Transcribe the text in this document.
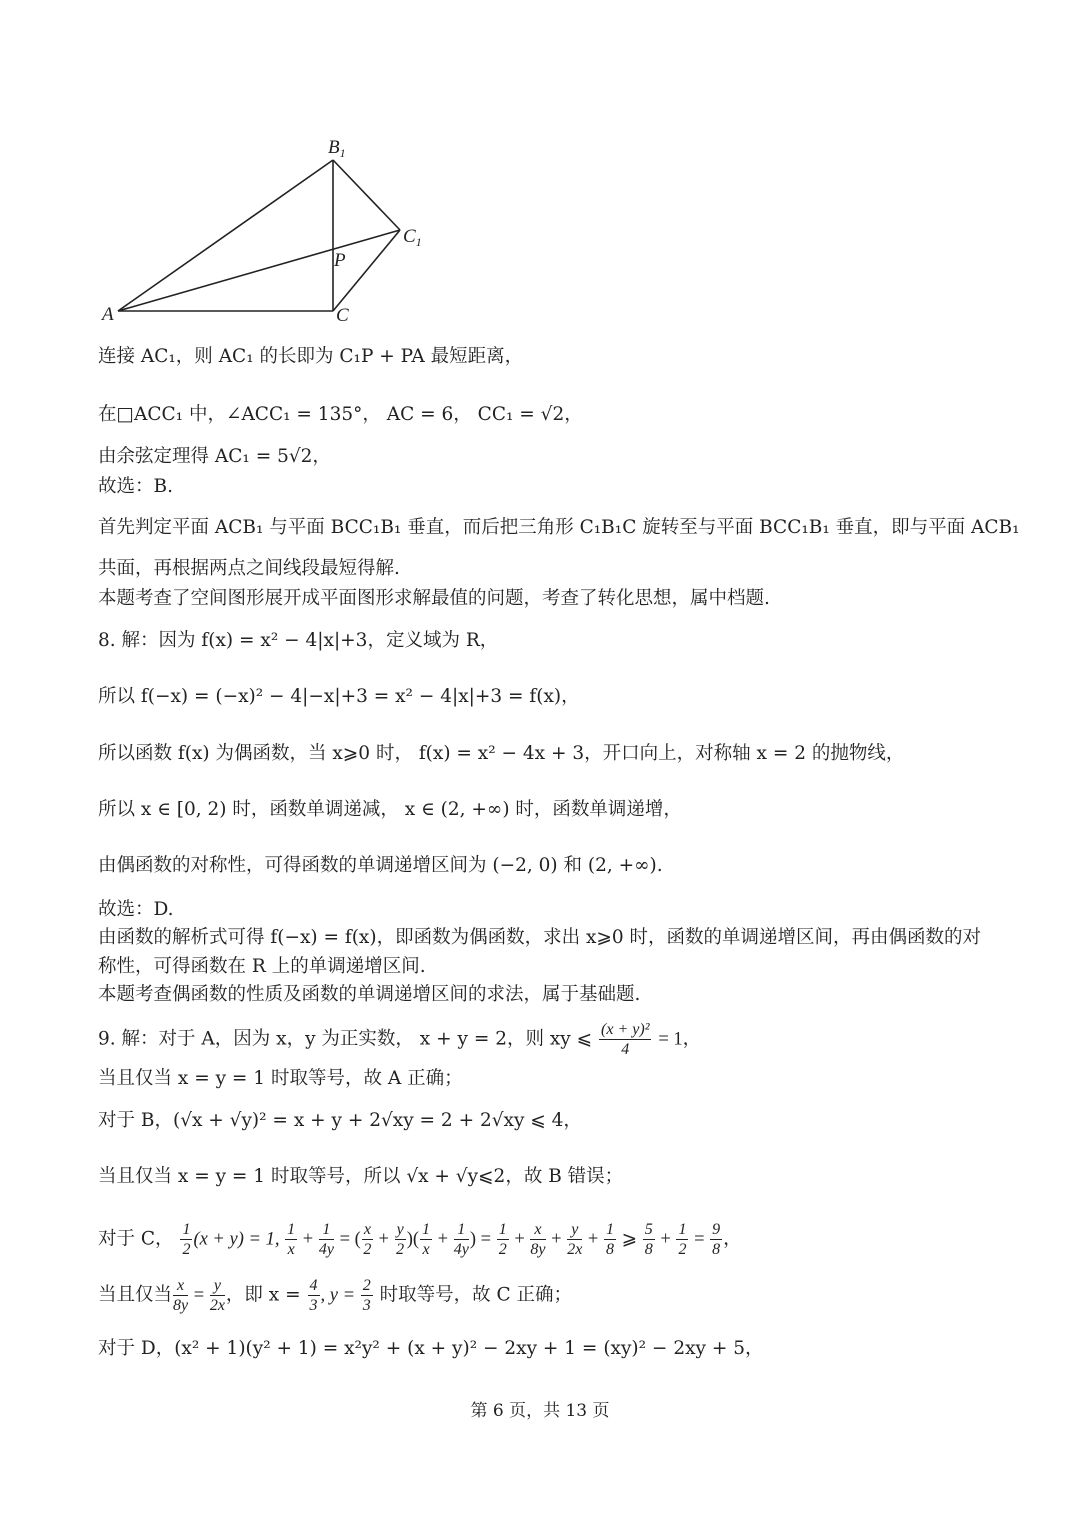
$B_1$
$C_1$
P
A	C
连接 AC₁，则 AC₁ 的长即为 C₁P + PA 最短距离，
在□ACC₁ 中，∠ACC₁ = 135°， AC = 6， CC₁ = √2，
由余弦定理得 AC₁ = 5√2，
故选：B.
首先判定平面 ACB₁ 与平面 BCC₁B₁ 垂直，而后把三角形 C₁B₁C 旋转至与平面 BCC₁B₁ 垂直，即与平面 ACB₁
共面，再根据两点之间线段最短得解.
本题考查了空间图形展开成平面图形求解最值的问题，考查了转化思想，属中档题.
8. 解：因为 f(x) = x² − 4|x|+3，定义域为 R，
所以 f(−x) = (−x)² − 4|−x|+3 = x² − 4|x|+3 = f(x)，
所以函数 f(x) 为偶函数，当 x⩾0 时， f(x) = x² − 4x + 3，开口向上，对称轴 x = 2 的抛物线，
所以 x ∈ [0, 2) 时，函数单调递减， x ∈ (2, +∞) 时，函数单调递增，
由偶函数的对称性，可得函数的单调递增区间为 (−2, 0) 和 (2, +∞).
故选：D.
由函数的解析式可得 f(−x) = f(x)，即函数为偶函数，求出 x⩾0 时，函数的单调递增区间，再由偶函数的对
称性，可得函数在 R 上的单调递增区间.
本题考查偶函数的性质及函数的单调递增区间的求法，属于基础题.
9. 解：对于 A，因为 x，y 为正实数， x + y = 2，则 xy ⩽ $\frac{\text{(x + y)²}}{4} = 1$，
当且仅当 x = y = 1 时取等号，故 A 正确；
对于 B，(√x + √y)² = x + y + 2√xy = 2 + 2√xy ⩽ 4，
当且仅当 x = y = 1 时取等号，所以 √x + √y⩽2，故 B 错误；
对于 C， $\frac{1}{2} (x + y) = 1$, $\frac{1}{x} + \frac{1}{4y}$ = ( $\frac{x}{2} + \frac{y}{2}$ )( $\frac{1}{x} + \frac{1}{4y}$ ) = $\frac{1}{2} + \frac{x}{8y} + \frac{y}{2x} + \frac{1}{8}$ ⩾ $\frac{5}{8} + \frac{1}{2} = \frac{9}{8}$ ，
当且仅当 $\frac{x}{8y} = \frac{y}{2x}$ ，即 $x = \frac{4}{3}$ , $y = \frac{2}{3}$ 时取等号，故 C 正确；
对于 D，(x² + 1)(y² + 1) = x²y² + (x + y)² − 2xy + 1 = (xy)² − 2xy + 5，
第 6 页，共 13 页
